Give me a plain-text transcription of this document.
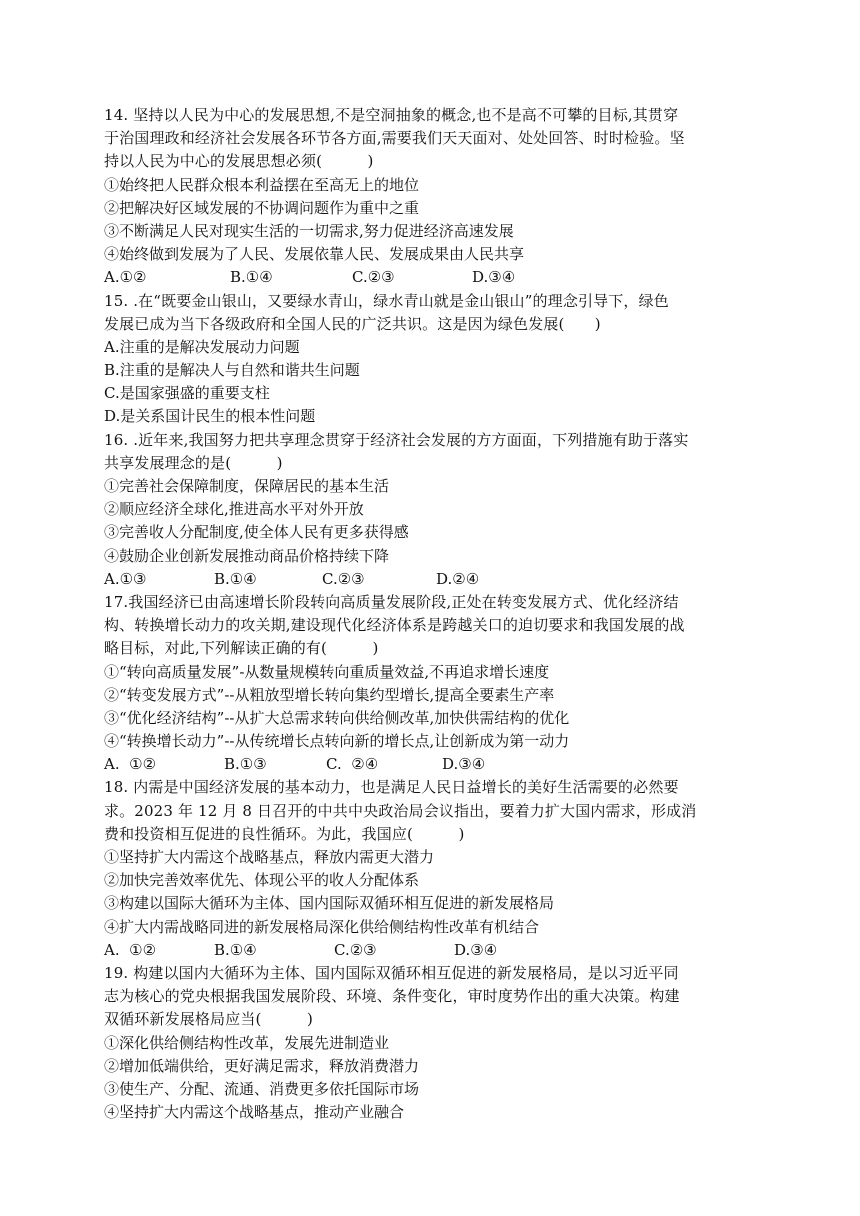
14. 坚持以人民为中心的发展思想,不是空洞抽象的概念,也不是高不可攀的目标,其贯穿
于治国理政和经济社会发展各环节各方面,需要我们天天面对、处处回答、时时检验。坚
持以人民为中心的发展思想必须(　　　)
①始终把人民群众根本利益摆在至高无上的地位
②把解决好区域发展的不协调问题作为重中之重
③不断满足人民对现实生活的一切需求,努力促进经济高速发展
④始终做到发展为了人民、发展依靠人民、发展成果由人民共享
A.①②	B.①④	C.②③	D.③④
15. .在“既要金山银山，又要绿水青山，绿水青山就是金山银山”的理念引导下，绿色
发展已成为当下各级政府和全国人民的广泛共识。这是因为绿色发展(　　)
A.注重的是解决发展动力问题
B.注重的是解决人与自然和谐共生问题
C.是国家强盛的重要支柱
D.是关系国计民生的根本性问题
16. .近年来,我国努力把共享理念贯穿于经济社会发展的方方面面，下列措施有助于落实
共享发展理念的是(　　　)
①完善社会保障制度，保障居民的基本生活
②顺应经济全球化,推进高水平对外开放
③完善收人分配制度,使全体人民有更多获得感
④鼓励企业创新发展推动商品价格持续下降
A.①③	B.①④	C.②③	D.②④
17.我国经济已由高速增长阶段转向高质量发展阶段,正处在转变发展方式、优化经济结
构、转换增长动力的攻关期,建设现代化经济体系是跨越关口的迫切要求和我国发展的战
略目标，对此,下列解读正确的有(　　　)
①“转向高质量发展”-从数量规模转向重质量效益,不再追求增长速度
②“转变发展方式”--从粗放型增长转向集约型增长,提高全要素生产率
③“优化经济结构”--从扩大总需求转向供给侧改革,加快供需结构的优化
④“转换增长动力”--从传统增长点转向新的增长点,让创新成为第一动力
A.  ①②	B.①③	C.  ②④	D.③④
18. 内需是中国经济发展的基本动力，也是满足人民日益增长的美好生活需要的必然要
求。2023 年 12 月 8 日召开的中共中央政治局会议指出，要着力扩大国内需求，形成消
费和投资相互促进的良性循环。为此，我国应(　　　)
①坚持扩大内需这个战略基点，释放内需更大潜力
②加快完善效率优先、体现公平的收人分配体系
③构建以国际大循环为主体、国内国际双循环相互促进的新发展格局
④扩大内需战略同进的新发展格局深化供给侧结构性改革有机结合
A.  ①②	B.①④	C.②③	D.③④
19. 构建以国内大循环为主体、国内国际双循环相互促进的新发展格局，是以习近平同
志为核心的党央根据我国发展阶段、环境、条件变化，审时度势作出的重大决策。构建
双循环新发展格局应当(　　　)
①深化供给侧结构性改革，发展先进制造业
②增加低端供给，更好满足需求，释放消费潜力
③使生产、分配、流通、消费更多依托国际市场
④坚持扩大内需这个战略基点，推动产业融合
